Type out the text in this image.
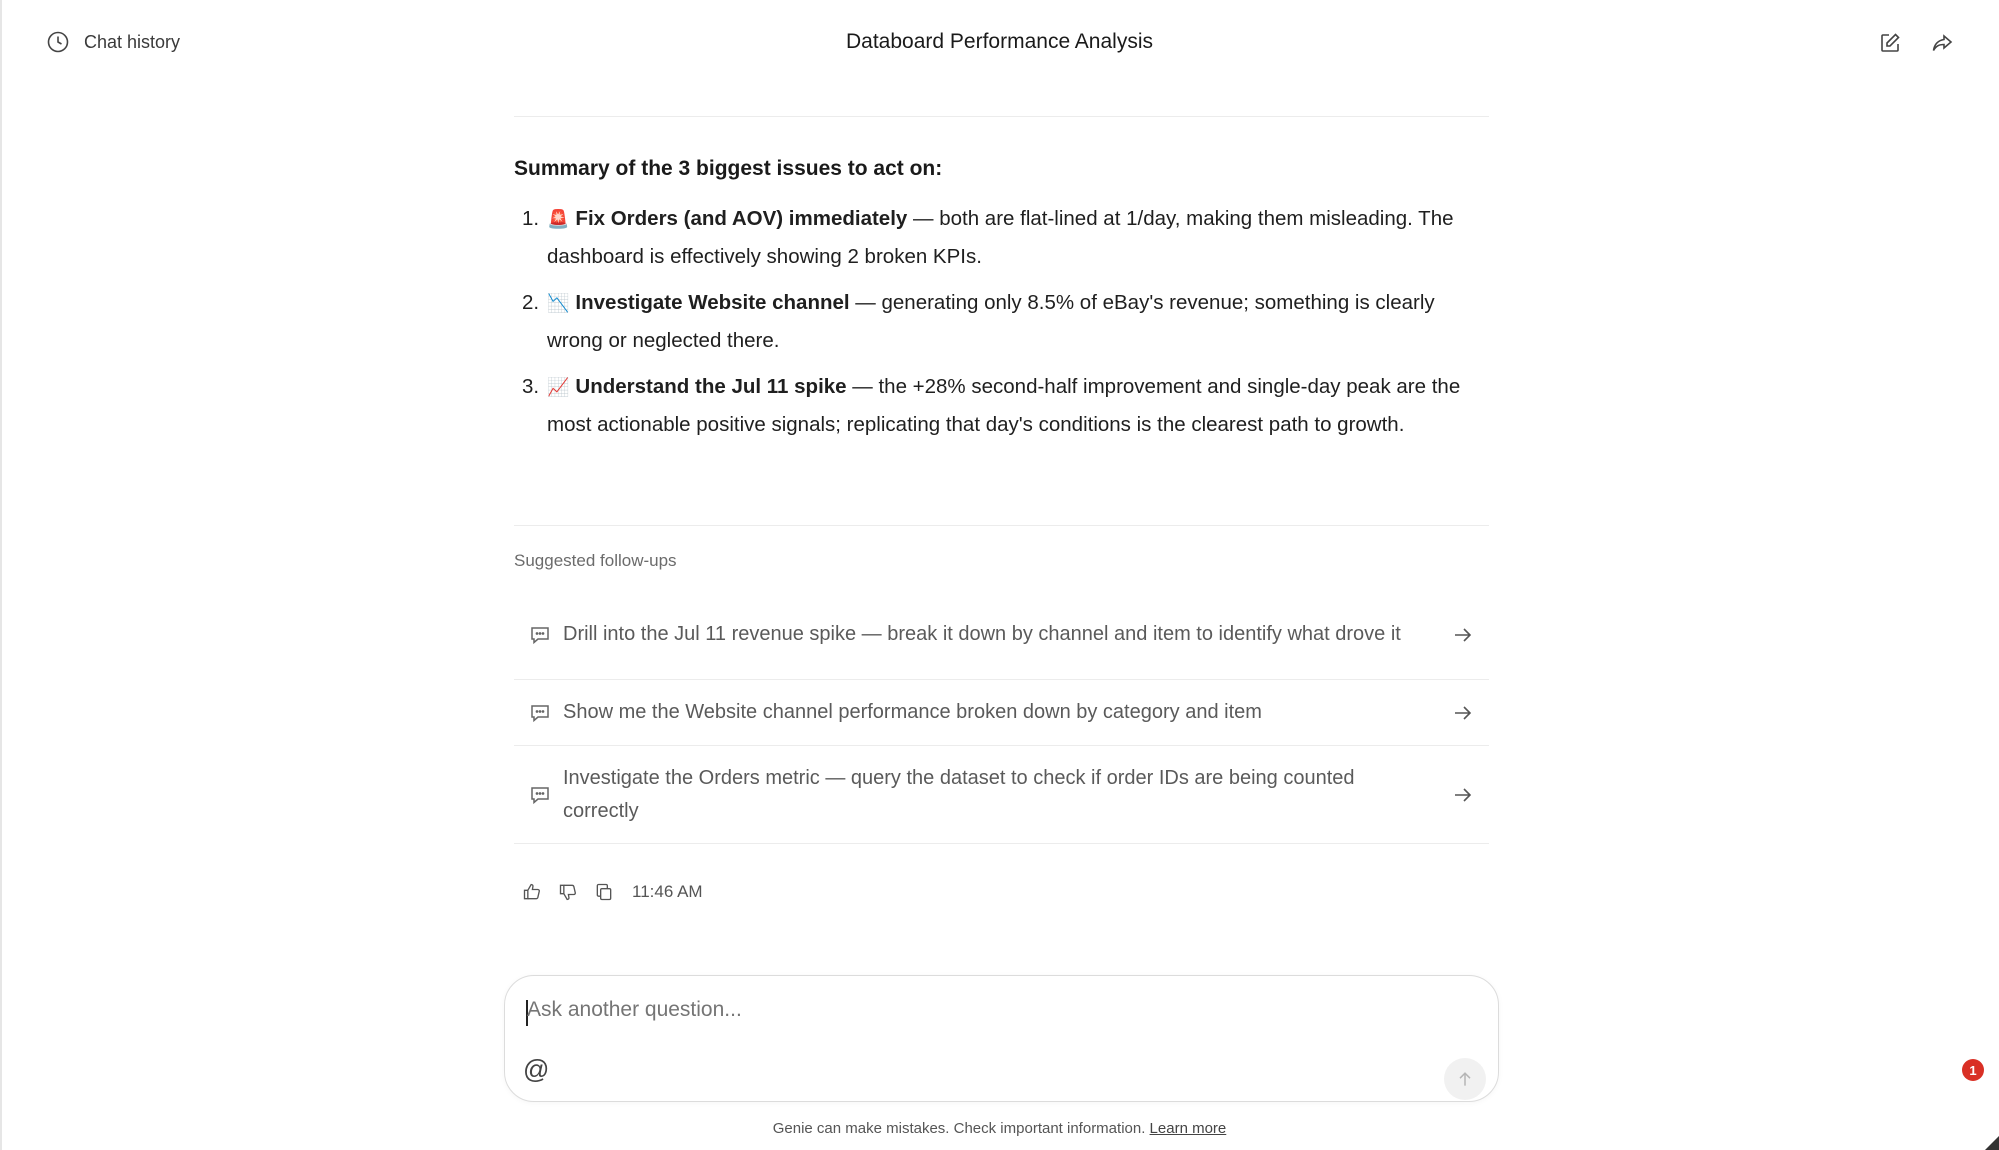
Chat history	Databoard Performance Analysis
Summary of the 3 biggest issues to act on:
1. 🚨 Fix Orders (and AOV) immediately — both are flat-lined at 1/day, making them misleading. The dashboard is effectively showing 2 broken KPIs.
2. 📉 Investigate Website channel — generating only 8.5% of eBay's revenue; something is clearly wrong or neglected there.
3. 📈 Understand the Jul 11 spike — the +28% second-half improvement and single-day peak are the most actionable positive signals; replicating that day's conditions is the clearest path to growth.
Suggested follow-ups
Drill into the Jul 11 revenue spike — break it down by channel and item to identify what drove it
Show me the Website channel performance broken down by category and item
Investigate the Orders metric — query the dataset to check if order IDs are being counted correctly
11:46 AM
Ask another question...
@
Genie can make mistakes. Check important information. Learn more
1
